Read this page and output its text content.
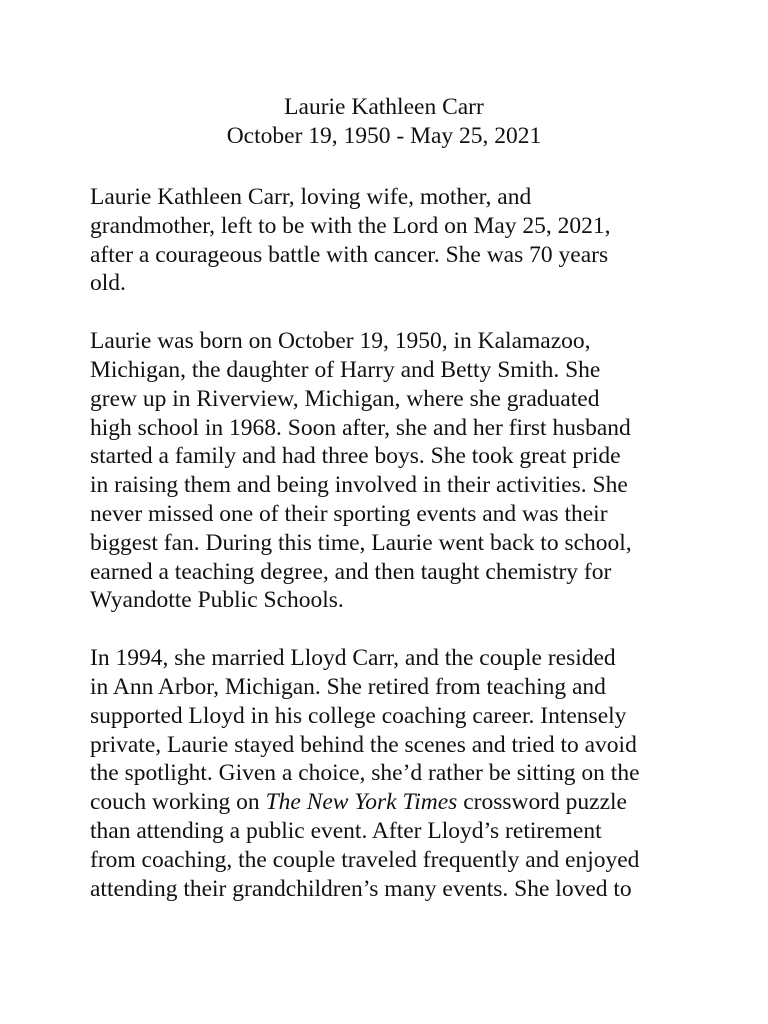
Laurie Kathleen Carr
October 19, 1950 - May 25, 2021
Laurie Kathleen Carr, loving wife, mother, and
grandmother, left to be with the Lord on May 25, 2021,
after a courageous battle with cancer. She was 70 years
old.
Laurie was born on October 19, 1950, in Kalamazoo,
Michigan, the daughter of Harry and Betty Smith. She
grew up in Riverview, Michigan, where she graduated
high school in 1968. Soon after, she and her first husband
started a family and had three boys. She took great pride
in raising them and being involved in their activities. She
never missed one of their sporting events and was their
biggest fan. During this time, Laurie went back to school,
earned a teaching degree, and then taught chemistry for
Wyandotte Public Schools.
In 1994, she married Lloyd Carr, and the couple resided
in Ann Arbor, Michigan. She retired from teaching and
supported Lloyd in his college coaching career. Intensely
private, Laurie stayed behind the scenes and tried to avoid
the spotlight. Given a choice, she’d rather be sitting on the
couch working on The New York Times crossword puzzle
than attending a public event. After Lloyd’s retirement
from coaching, the couple traveled frequently and enjoyed
attending their grandchildren’s many events. She loved to
